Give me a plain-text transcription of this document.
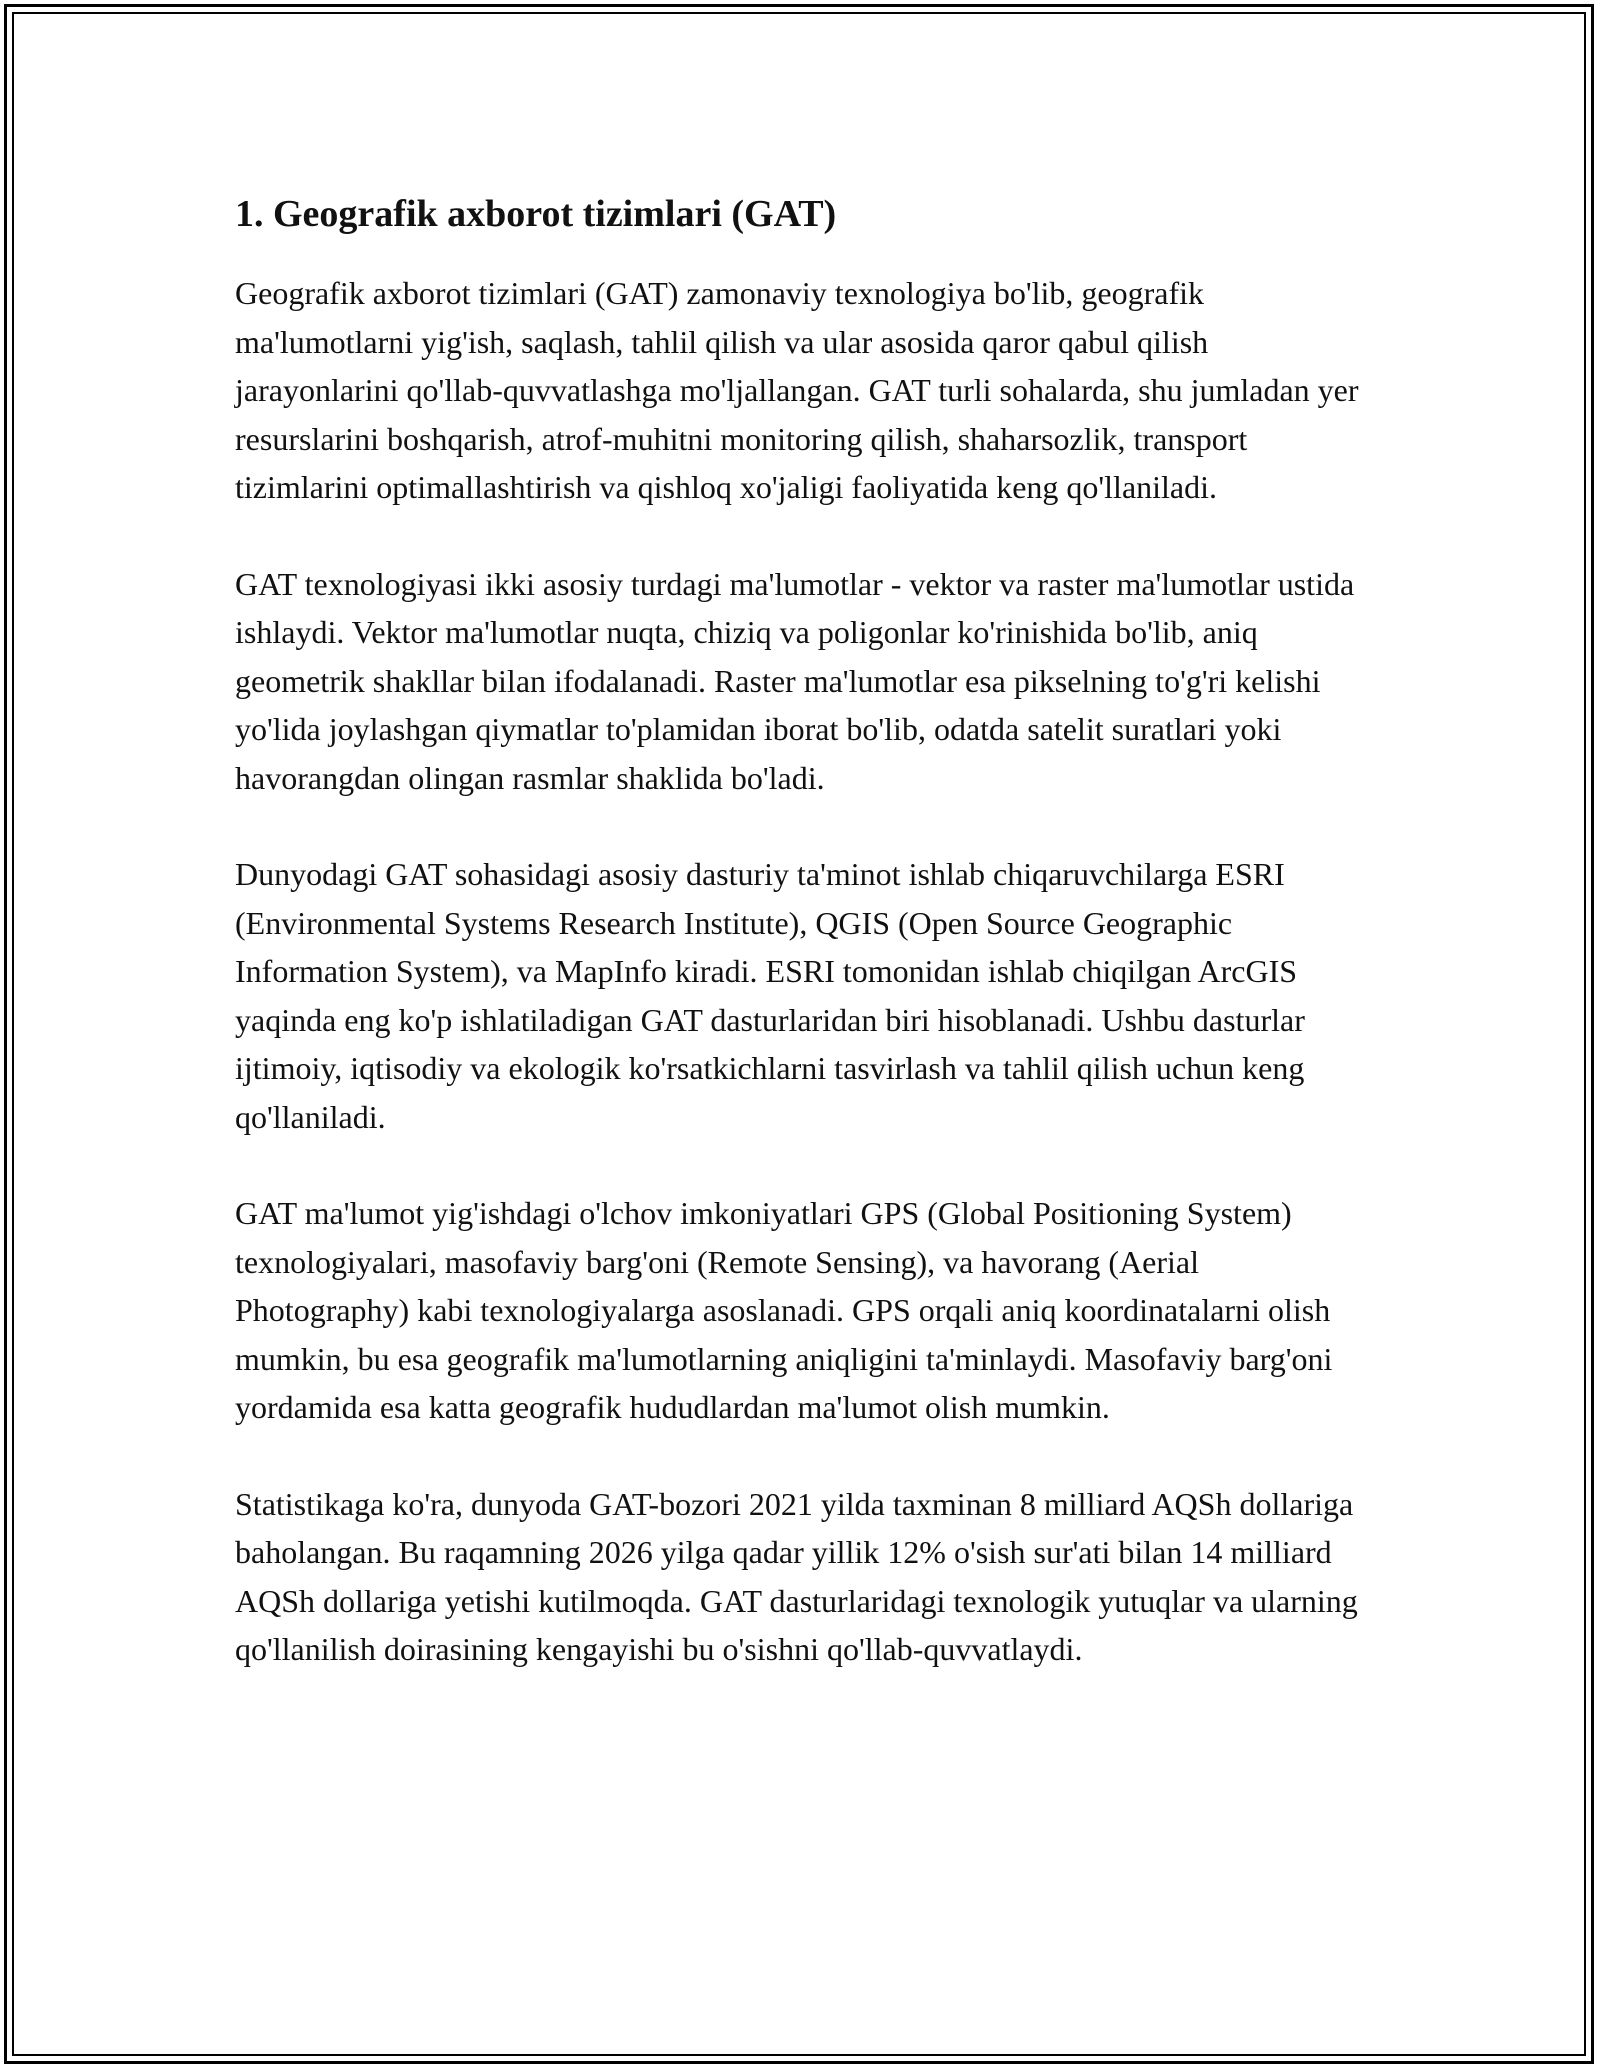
1. Geografik axborot tizimlari (GAT)

Geografik axborot tizimlari (GAT) zamonaviy texnologiya bo'lib, geografik ma'lumotlarni yig'ish, saqlash, tahlil qilish va ular asosida qaror qabul qilish jarayonlarini qo'llab-quvvatlashga mo'ljallangan. GAT turli sohalarda, shu jumladan yer resurslarini boshqarish, atrof-muhitni monitoring qilish, shaharsozlik, transport tizimlarini optimallashtirish va qishloq xo'jaligi faoliyatida keng qo'llaniladi.

GAT texnologiyasi ikki asosiy turdagi ma'lumotlar - vektor va raster ma'lumotlar ustida ishlaydi. Vektor ma'lumotlar nuqta, chiziq va poligonlar ko'rinishida bo'lib, aniq geometrik shakllar bilan ifodalanadi. Raster ma'lumotlar esa pikselning to'g'ri kelishi yo'lida joylashgan qiymatlar to'plamidan iborat bo'lib, odatda satelit suratlari yoki havorangdan olingan rasmlar shaklida bo'ladi.

Dunyodagi GAT sohasidagi asosiy dasturiy ta'minot ishlab chiqaruvchilarga ESRI (Environmental Systems Research Institute), QGIS (Open Source Geographic Information System), va MapInfo kiradi. ESRI tomonidan ishlab chiqilgan ArcGIS yaqinda eng ko'p ishlatiladigan GAT dasturlaridan biri hisoblanadi. Ushbu dasturlar ijtimoiy, iqtisodiy va ekologik ko'rsatkichlarni tasvirlash va tahlil qilish uchun keng qo'llaniladi.

GAT ma'lumot yig'ishdagi o'lchov imkoniyatlari GPS (Global Positioning System) texnologiyalari, masofaviy barg'oni (Remote Sensing), va havorang (Aerial Photography) kabi texnologiyalarga asoslanadi. GPS orqali aniq koordinatalarni olish mumkin, bu esa geografik ma'lumotlarning aniqligini ta'minlaydi. Masofaviy barg'oni yordamida esa katta geografik hududlardan ma'lumot olish mumkin.

Statistikaga ko'ra, dunyoda GAT-bozori 2021 yilda taxminan 8 milliard AQSh dollariga baholangan. Bu raqamning 2026 yilga qadar yillik 12% o'sish sur'ati bilan 14 milliard AQSh dollariga yetishi kutilmoqda. GAT dasturlaridagi texnologik yutuqlar va ularning qo'llanilish doirasining kengayishi bu o'sishni qo'llab-quvvatlaydi.
